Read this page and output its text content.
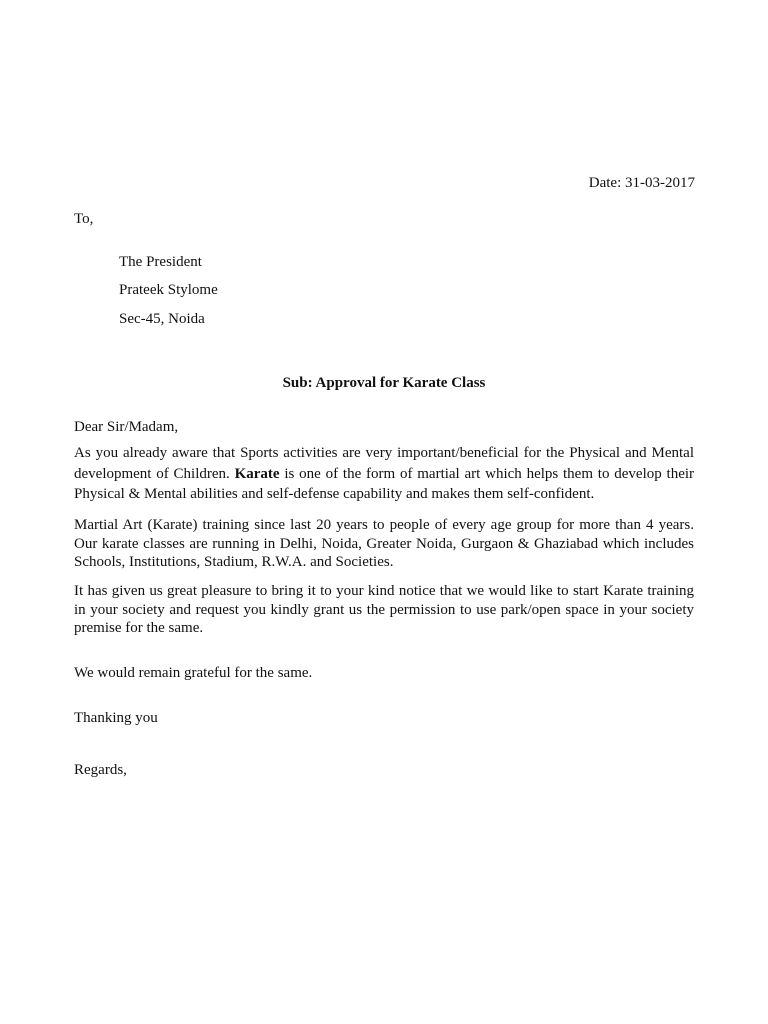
Date: 31-03-2017
To,
The President
Prateek Stylome
Sec-45, Noida
Sub: Approval for Karate Class
Dear Sir/Madam,
As you already aware that Sports activities are very important/beneficial for the Physical and Mental development of Children. Karate is one of the form of martial art which helps them to develop their Physical & Mental abilities and self-defense capability and makes them self-confident.
Martial Art (Karate) training since last 20 years to people of every age group for more than 4 years. Our karate classes are running in Delhi, Noida, Greater Noida, Gurgaon & Ghaziabad which includes Schools, Institutions, Stadium, R.W.A. and Societies.
It has given us great pleasure to bring it to your kind notice that we would like to start Karate training in your society and request you kindly grant us the permission to use park/open space in your society premise for the same.
We would remain grateful for the same.
Thanking you
Regards,
